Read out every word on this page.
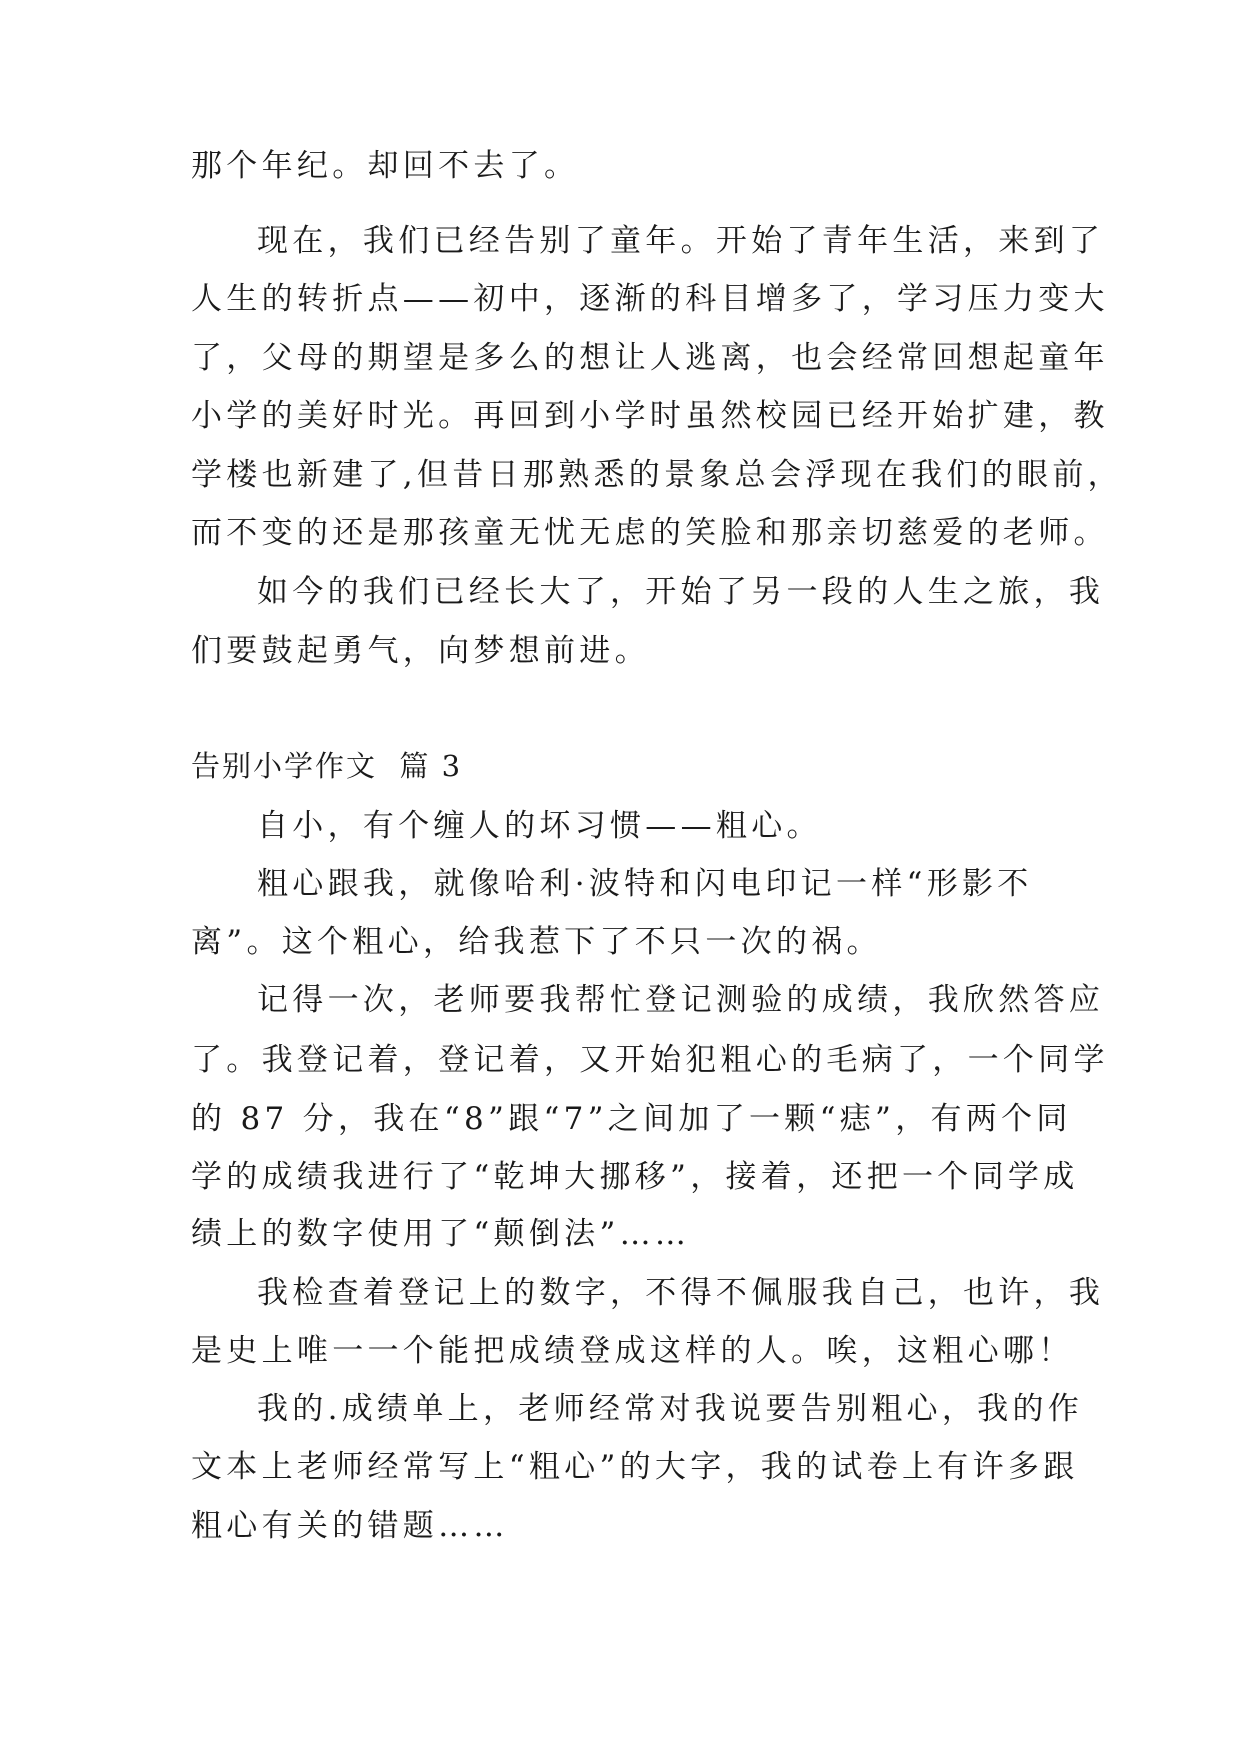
那个年纪。却回不去了。
现在，我们已经告别了童年。开始了青年生活，来到了
人生的转折点——初中，逐渐的科目增多了，学习压力变大
了，父母的期望是多么的想让人逃离，也会经常回想起童年
小学的美好时光。再回到小学时虽然校园已经开始扩建，教
学楼也新建了,但昔日那熟悉的景象总会浮现在我们的眼前，
而不变的还是那孩童无忧无虑的笑脸和那亲切慈爱的老师。
如今的我们已经长大了，开始了另一段的人生之旅，我
们要鼓起勇气，向梦想前进。
告别小学作文  篇 3
自小，有个缠人的坏习惯——粗心。
粗心跟我，就像哈利·波特和闪电印记一样“形影不
离”。这个粗心，给我惹下了不只一次的祸。
记得一次，老师要我帮忙登记测验的成绩，我欣然答应
了。我登记着，登记着，又开始犯粗心的毛病了，一个同学
的 87 分，我在“8”跟“7”之间加了一颗“痣”，有两个同
学的成绩我进行了“乾坤大挪移”，接着，还把一个同学成
绩上的数字使用了“颠倒法”……
我检查着登记上的数字，不得不佩服我自己，也许，我
是史上唯一一个能把成绩登成这样的人。唉，这粗心哪！
我的.成绩单上，老师经常对我说要告别粗心，我的作
文本上老师经常写上“粗心”的大字，我的试卷上有许多跟
粗心有关的错题……
